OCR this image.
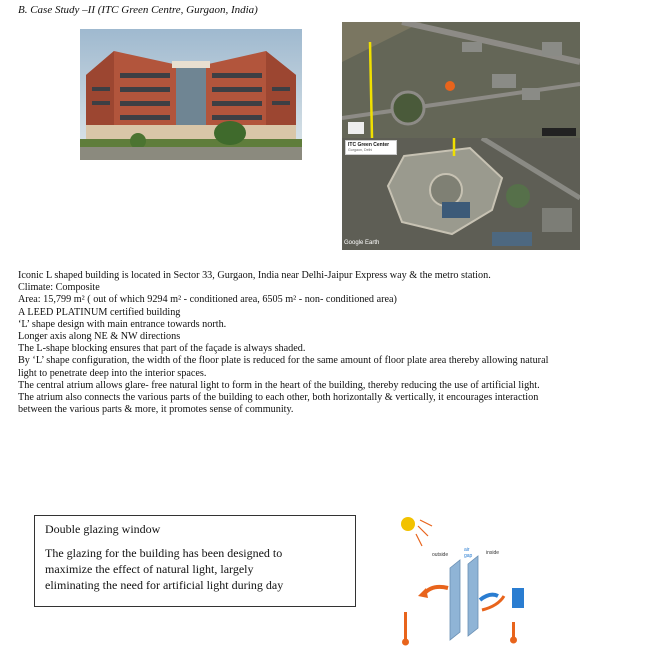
B. Case Study –II (ITC Green Centre, Gurgaon, India)
ITC Green Center
Gurgaon, Delhi
Google Earth

Iconic L shaped building is located in Sector 33, Gurgaon, India near Delhi-Jaipur Express way & the metro station.

Climate: Composite

Area: 15,799 m² ( out of which 9294 m² - conditioned area, 6505 m² - non- conditioned area)

A LEED PLATINUM certified building

‘L’ shape design with main entrance towards north.

Longer axis along NE & NW directions

The L-shape blocking ensures that part of the façade is always shaded.

By ‘L’ shape configuration, the width of the floor plate is reduced for the same amount of floor plate area thereby allowing natural

light to penetrate deep into the interior spaces.

The central atrium allows glare- free natural light to form in the heart of the building, thereby reducing the use of artificial light.

The atrium also connects the various parts of the building to each other, both horizontally & vertically, it encourages interaction

between the various parts & more, it promotes sense of community.

Double glazing window

The glazing for the building has been designed to

maximize the effect of natural light, largely

eliminating the need for artificial light during day

outside
air
gap	inside
